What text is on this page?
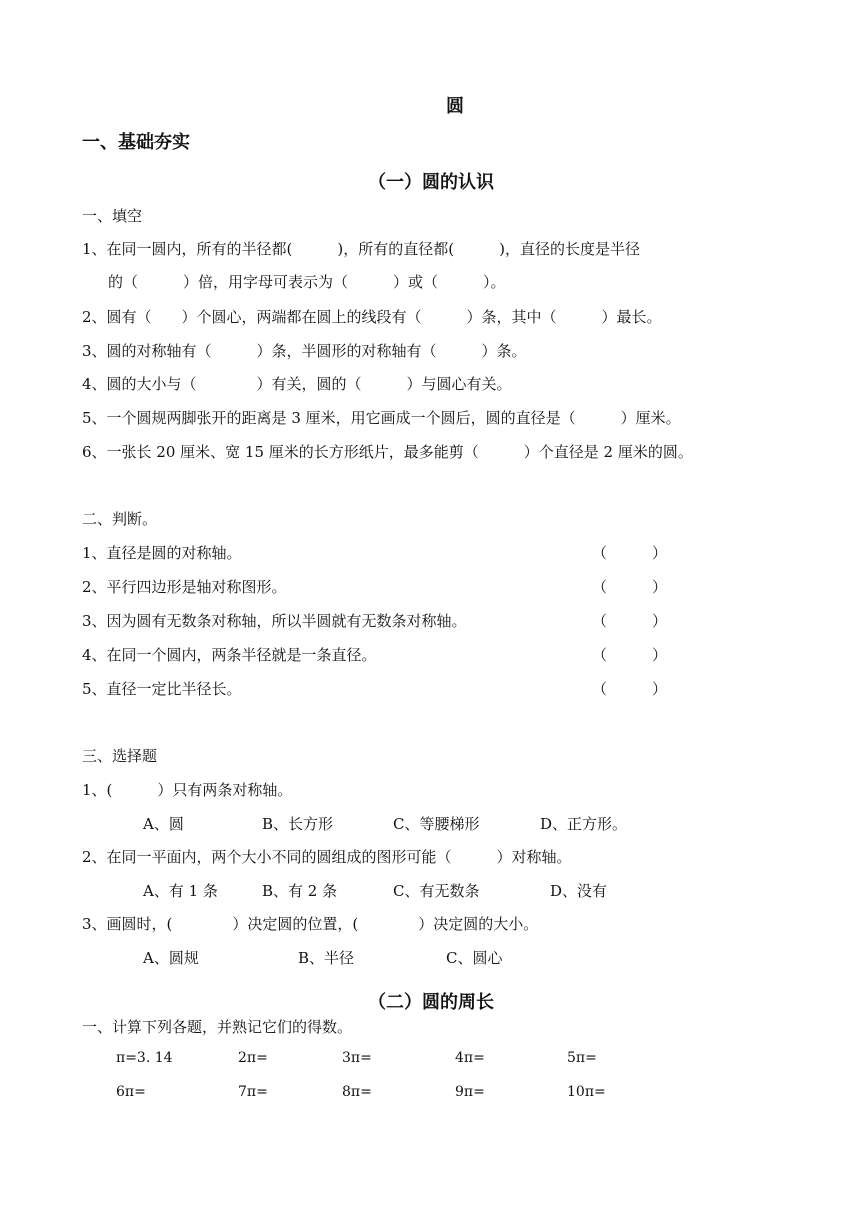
圆
一、基础夯实
（一）圆的认识
一、填空
1、在同一圆内，所有的半径都(　　　)，所有的直径都(　　　)，直径的长度是半径
的（　　　）倍，用字母可表示为（　　　）或（　　　）。
2、圆有（　　）个圆心，两端都在圆上的线段有（　　　）条，其中（　　　）最长。
3、圆的对称轴有（　　　）条，半圆形的对称轴有（　　　）条。
4、圆的大小与（　　　　）有关，圆的（　　　）与圆心有关。
5、一个圆规两脚张开的距离是 3 厘米，用它画成一个圆后，圆的直径是（　　　）厘米。
6、一张长 20 厘米、宽 15 厘米的长方形纸片，最多能剪（　　　）个直径是 2 厘米的圆。
二、判断。
1、直径是圆的对称轴。	（　　　）
2、平行四边形是轴对称图形。	（　　　）
3、因为圆有无数条对称轴，所以半圆就有无数条对称轴。	（　　　）
4、在同一个圆内，两条半径就是一条直径。	（　　　）
5、直径一定比半径长。	（　　　）
三、选择题
1、(　　　）只有两条对称轴。
A、圆	B、长方形	C、等腰梯形	D、正方形。
2、在同一平面内，两个大小不同的圆组成的图形可能（　　　）对称轴。
A、有 1 条	B、有 2 条	C、有无数条	D、没有
3、画圆时，(　　　　）决定圆的位置，(　　　　）决定圆的大小。
A、圆规	B、半径	C、圆心
（二）圆的周长
一、计算下列各题，并熟记它们的得数。
π=3. 14	2π=	3π=	4π=	5π=
6π=	7π=	8π=	9π=	10π=
